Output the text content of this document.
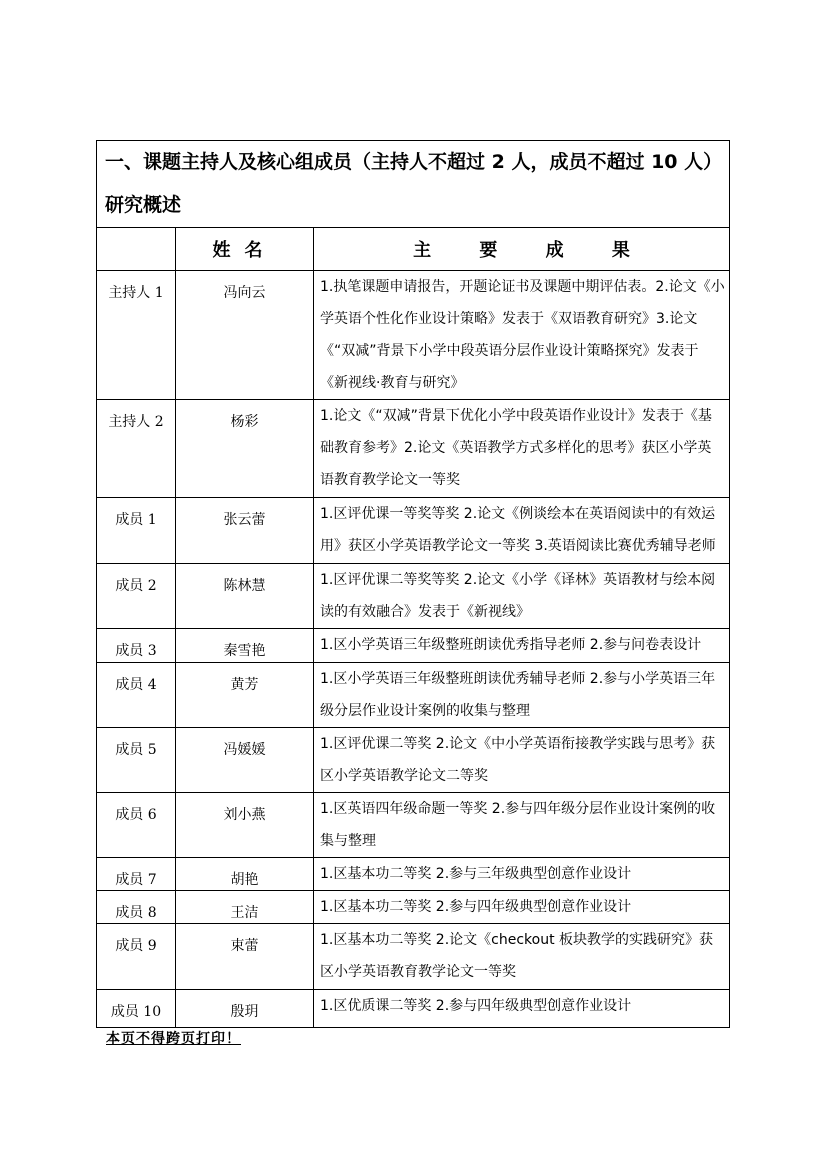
一、课题主持人及核心组成员（主持人不超过 2 人，成员不超过 10 人）研究概述		
	姓名	主 要 成 果
主持人 1	冯向云	1.执笔课题申请报告，开题论证书及课题中期评估表。2.论文《小学英语个性化作业设计策略》发表于《双语教育研究》3.论文《“双减”背景下小学中段英语分层作业设计策略探究》发表于《新视线·教育与研究》
主持人 2	杨彩	1.论文《“双减”背景下优化小学中段英语作业设计》发表于《基础教育参考》2.论文《英语教学方式多样化的思考》获区小学英语教育教学论文一等奖
成员 1	张云蕾	1.区评优课一等奖等奖 2.论文《例谈绘本在英语阅读中的有效运用》获区小学英语教学论文一等奖 3.英语阅读比赛优秀辅导老师
成员 2	陈林慧	1.区评优课二等奖等奖 2.论文《小学《译林》英语教材与绘本阅读的有效融合》发表于《新视线》
成员 3	秦雪艳	1.区小学英语三年级整班朗读优秀指导老师 2.参与问卷表设计
成员 4	黄芳	1.区小学英语三年级整班朗读优秀辅导老师 2.参与小学英语三年级分层作业设计案例的收集与整理
成员 5	冯媛媛	1.区评优课二等奖 2.论文《中小学英语衔接教学实践与思考》获区小学英语教学论文二等奖
成员 6	刘小燕	1.区英语四年级命题一等奖 2.参与四年级分层作业设计案例的收集与整理
成员 7	胡艳	1.区基本功二等奖 2.参与三年级典型创意作业设计
成员 8	王洁	1.区基本功二等奖 2.参与四年级典型创意作业设计
成员 9	束蕾	1.区基本功二等奖 2.论文《checkout 板块教学的实践研究》获区小学英语教育教学论文一等奖
成员 10	殷玥	1.区优质课二等奖 2.参与四年级典型创意作业设计
本页不得跨页打印！
